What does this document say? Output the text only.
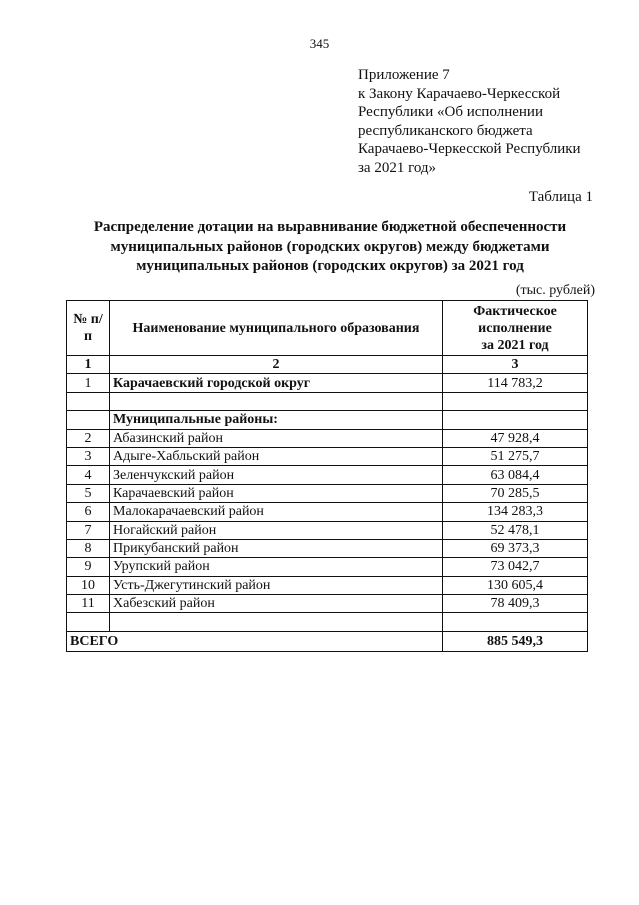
345
Приложение 7
к Закону Карачаево-Черкесской
Республики «Об исполнении
республиканского бюджета
Карачаево-Черкесской Республики
за 2021 год»
Таблица 1
Распределение дотации на выравнивание бюджетной обеспеченности
муниципальных районов (городских округов) между бюджетами
муниципальных районов (городских округов) за 2021 год
(тыс. рублей)
№ п/п	Наименование муниципального образования	Фактическое
исполнение
за 2021 год

1	2	3
1	Карачаевский городской округ	114 783,2

	Муниципальные районы:	
2	Абазинский район	47 928,4
3	Адыге-Хабльский район	51 275,7
4	Зеленчукский район	63 084,4
5	Карачаевский район	70 285,5
6	Малокарачаевский район	134 283,3
7	Ногайский район	52 478,1
8	Прикубанский район	69 373,3
9	Урупский район	73 042,7
10	Усть-Джегутинский район	130 605,4
11	Хабезский район	78 409,3

ВСЕГО		885 549,3
